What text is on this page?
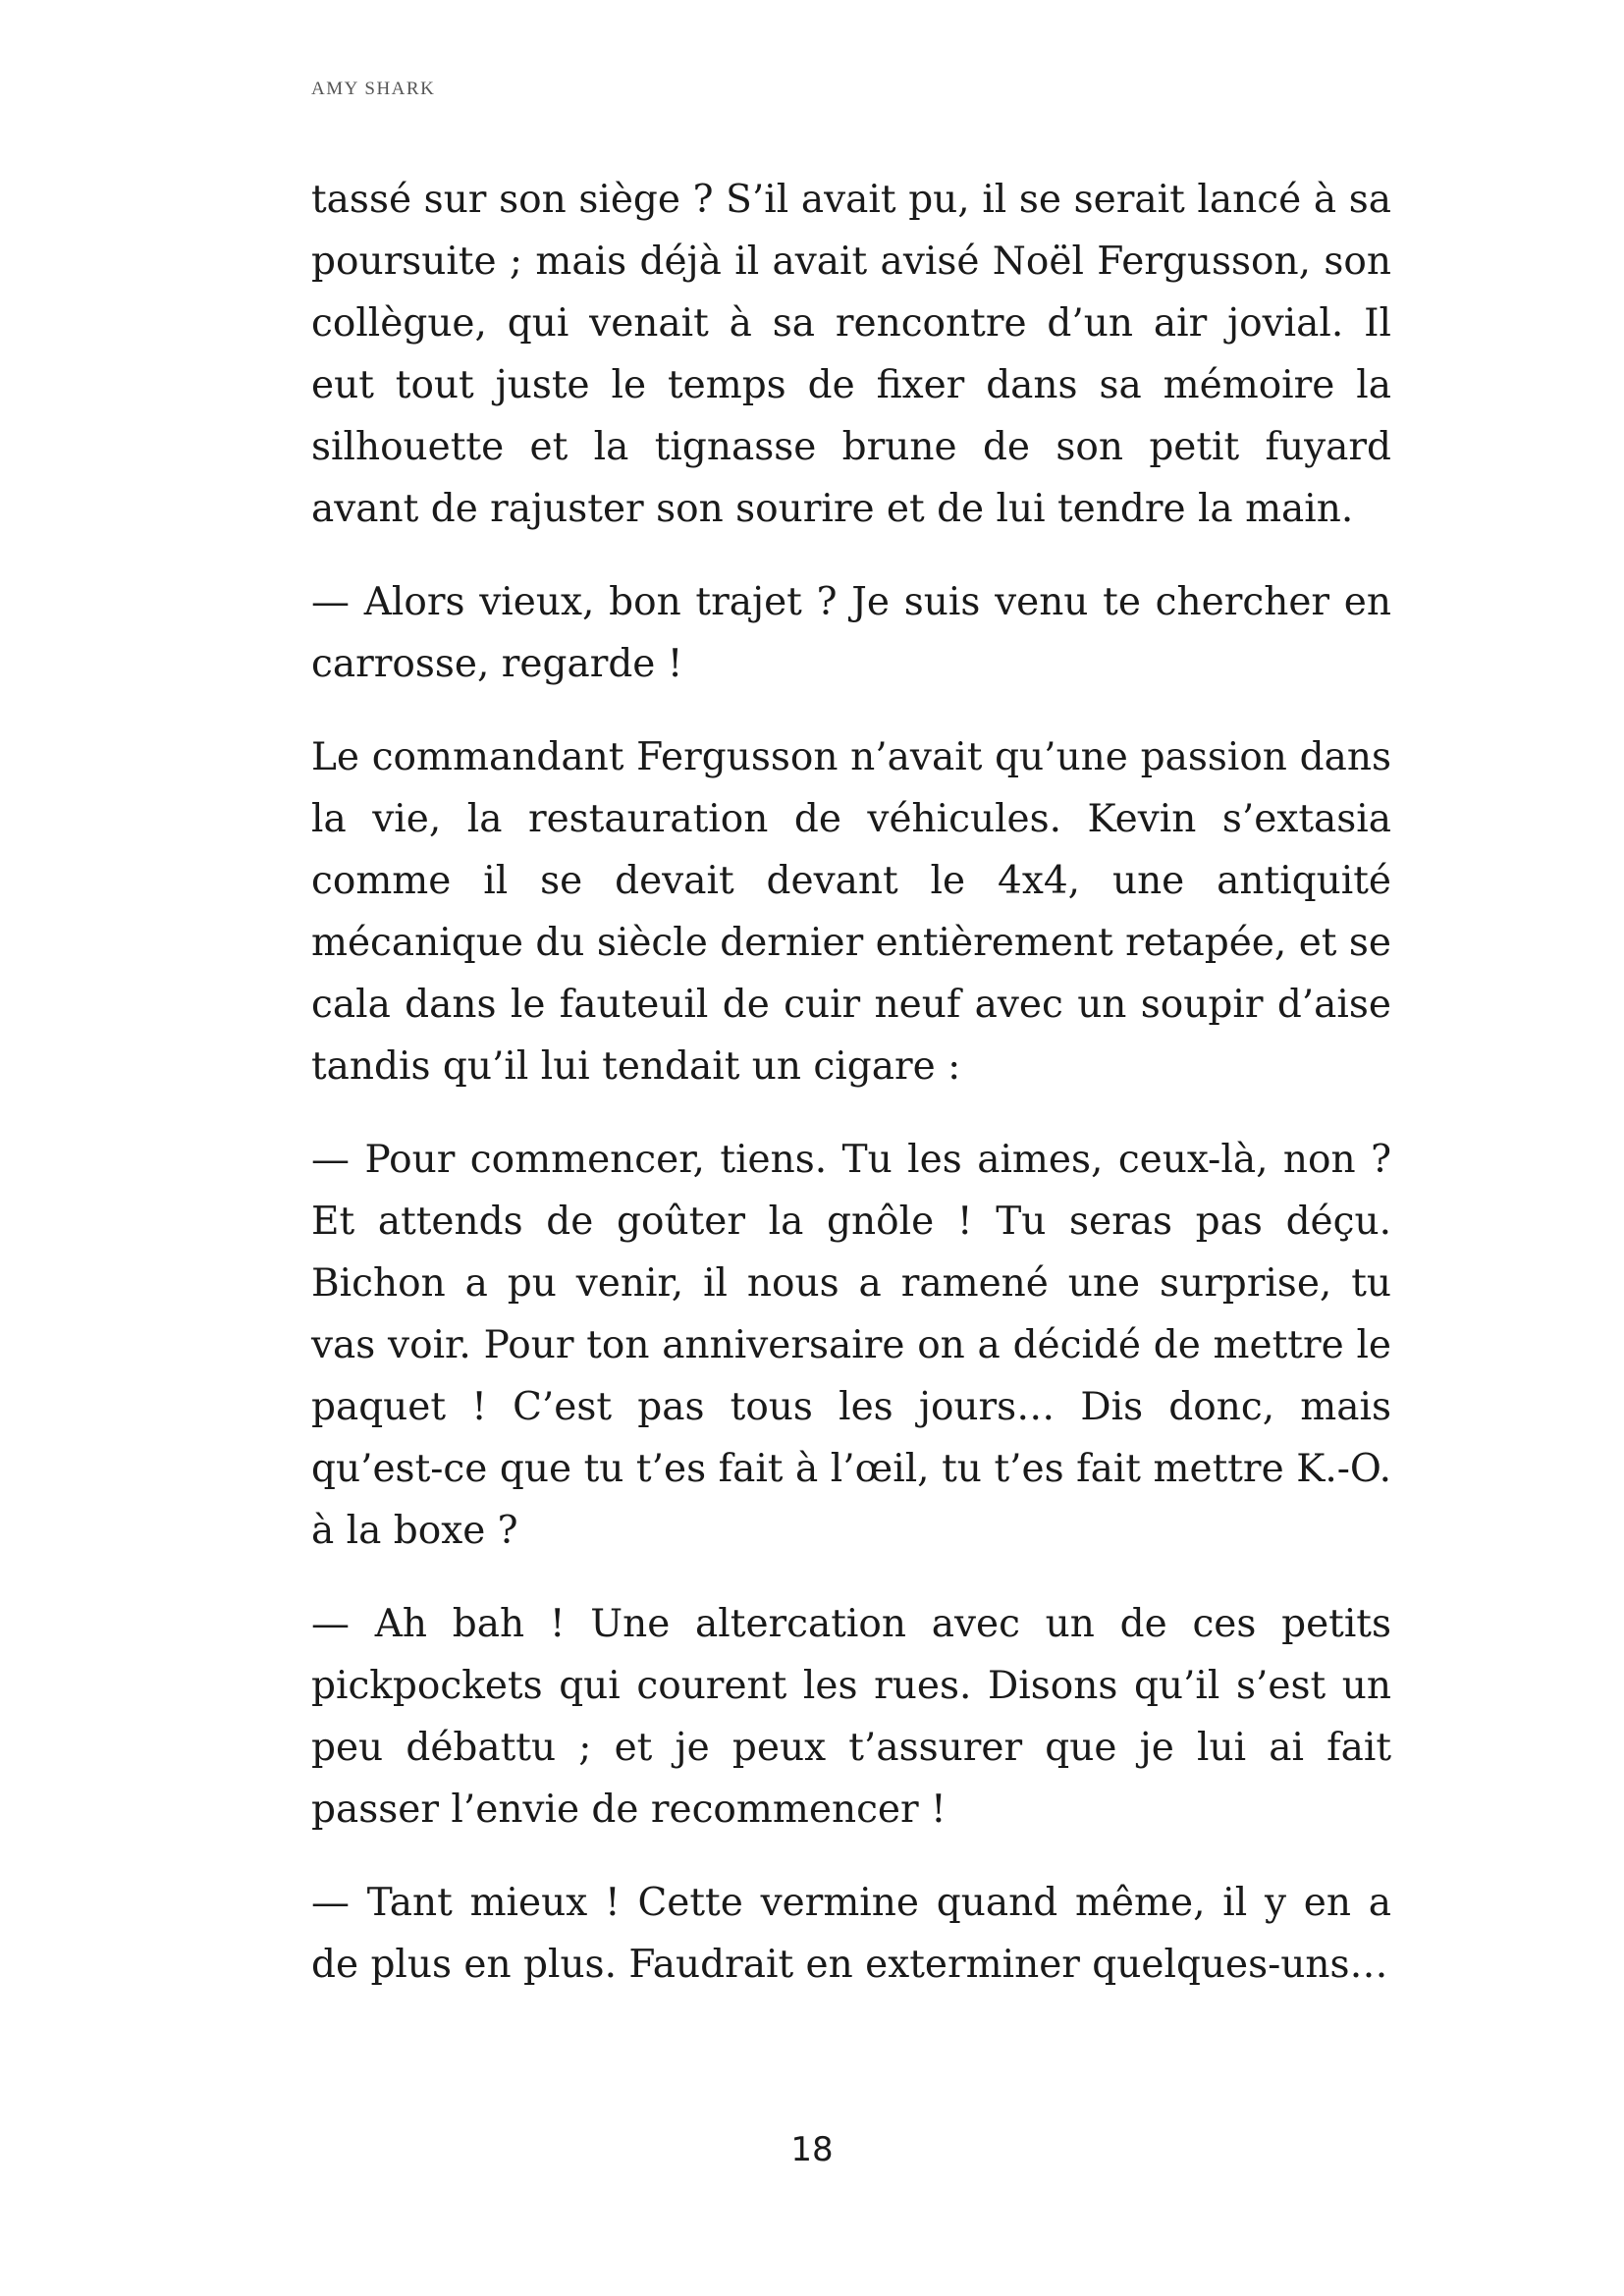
AMY SHARK

tassé sur son siège ? S’il avait pu, il se serait lancé à sa poursuite ; mais déjà il avait avisé Noël Fergusson, son collègue, qui venait à sa rencontre d’un air jovial. Il eut tout juste le temps de fixer dans sa mémoire la silhouette et la tignasse brune de son petit fuyard avant de rajuster son sourire et de lui tendre la main.

— Alors vieux, bon trajet ? Je suis venu te chercher en carrosse, regarde !

Le commandant Fergusson n’avait qu’une passion dans la vie, la restauration de véhicules. Kevin s’extasia comme il se devait devant le 4x4, une antiquité mécanique du siècle dernier entièrement retapée, et se cala dans le fauteuil de cuir neuf avec un soupir d’aise tandis qu’il lui tendait un cigare :

— Pour commencer, tiens. Tu les aimes, ceux-là, non ? Et attends de goûter la gnôle ! Tu seras pas déçu. Bichon a pu venir, il nous a ramené une surprise, tu vas voir. Pour ton anniversaire on a décidé de mettre le paquet ! C’est pas tous les jours… Dis donc, mais qu’est-ce que tu t’es fait à l’œil, tu t’es fait mettre K.-O. à la boxe ?

— Ah bah ! Une altercation avec un de ces petits pickpockets qui courent les rues. Disons qu’il s’est un peu débattu ; et je peux t’assurer que je lui ai fait passer l’envie de recommencer !

— Tant mieux ! Cette vermine quand même, il y en a de plus en plus. Faudrait en exterminer quelques-uns…

18
